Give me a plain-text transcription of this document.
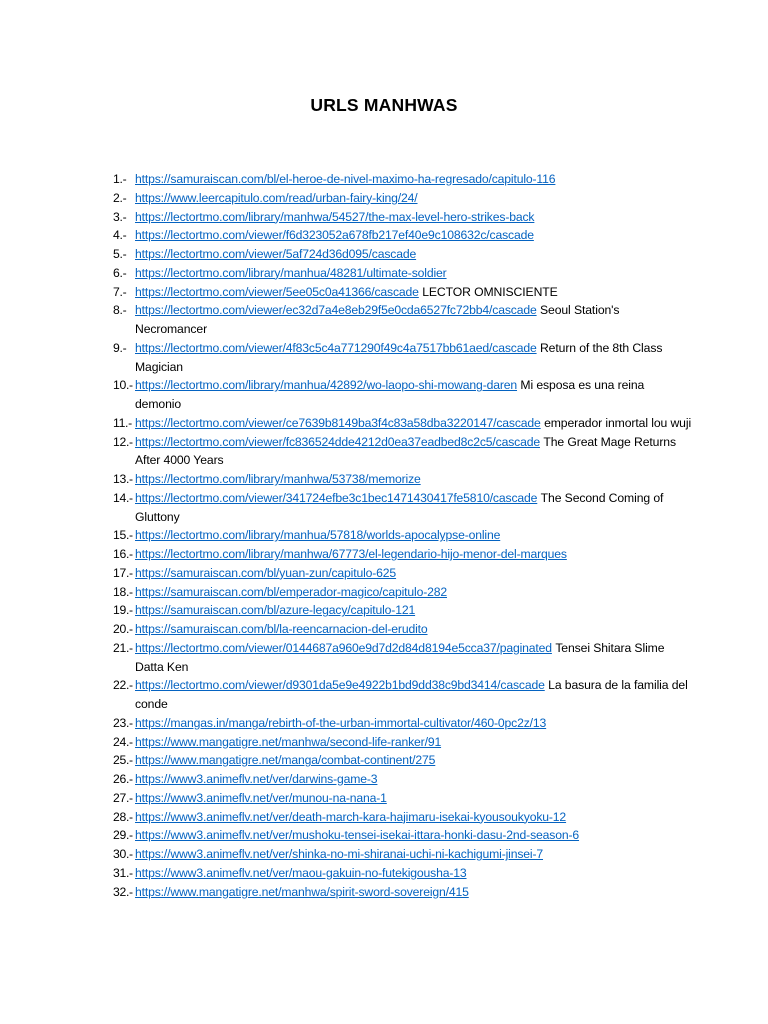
URLS MANHWAS
1.- https://samuraiscan.com/bl/el-heroe-de-nivel-maximo-ha-regresado/capitulo-116
2.- https://www.leercapitulo.com/read/urban-fairy-king/24/
3.- https://lectortmo.com/library/manhwa/54527/the-max-level-hero-strikes-back
4.- https://lectortmo.com/viewer/f6d323052a678fb217ef40e9c108632c/cascade
5.- https://lectortmo.com/viewer/5af724d36d095/cascade
6.- https://lectortmo.com/library/manhua/48281/ultimate-soldier
7.- https://lectortmo.com/viewer/5ee05c0a41366/cascade LECTOR OMNISCIENTE
8.- https://lectortmo.com/viewer/ec32d7a4e8eb29f5e0cda6527fc72bb4/cascade Seoul Station's Necromancer
9.- https://lectortmo.com/viewer/4f83c5c4a771290f49c4a7517bb61aed/cascade Return of the 8th Class Magician
10.- https://lectortmo.com/library/manhua/42892/wo-laopo-shi-mowang-daren Mi esposa es una reina demonio
11.- https://lectortmo.com/viewer/ce7639b8149ba3f4c83a58dba3220147/cascade emperador inmortal lou wuji
12.- https://lectortmo.com/viewer/fc836524dde4212d0ea37eadbed8c2c5/cascade The Great Mage Returns After 4000 Years
13.- https://lectortmo.com/library/manhwa/53738/memorize
14.- https://lectortmo.com/viewer/341724efbe3c1bec1471430417fe5810/cascade The Second Coming of Gluttony
15.- https://lectortmo.com/library/manhua/57818/worlds-apocalypse-online
16.- https://lectortmo.com/library/manhwa/67773/el-legendario-hijo-menor-del-marques
17.- https://samuraiscan.com/bl/yuan-zun/capitulo-625
18.- https://samuraiscan.com/bl/emperador-magico/capitulo-282
19.- https://samuraiscan.com/bl/azure-legacy/capitulo-121
20.- https://samuraiscan.com/bl/la-reencarnacion-del-erudito
21.- https://lectortmo.com/viewer/0144687a960e9d7d2d84d8194e5cca37/paginated Tensei Shitara Slime Datta Ken
22.- https://lectortmo.com/viewer/d9301da5e9e4922b1bd9dd38c9bd3414/cascade La basura de la familia del conde
23.- https://mangas.in/manga/rebirth-of-the-urban-immortal-cultivator/460-0pc2z/13
24.- https://www.mangatigre.net/manhwa/second-life-ranker/91
25.- https://www.mangatigre.net/manga/combat-continent/275
26.- https://www3.animeflv.net/ver/darwins-game-3
27.- https://www3.animeflv.net/ver/munou-na-nana-1
28.- https://www3.animeflv.net/ver/death-march-kara-hajimaru-isekai-kyousoukyoku-12
29.- https://www3.animeflv.net/ver/mushoku-tensei-isekai-ittara-honki-dasu-2nd-season-6
30.- https://www3.animeflv.net/ver/shinka-no-mi-shiranai-uchi-ni-kachigumi-jinsei-7
31.- https://www3.animeflv.net/ver/maou-gakuin-no-futekigousha-13
32.- https://www.mangatigre.net/manhwa/spirit-sword-sovereign/415
